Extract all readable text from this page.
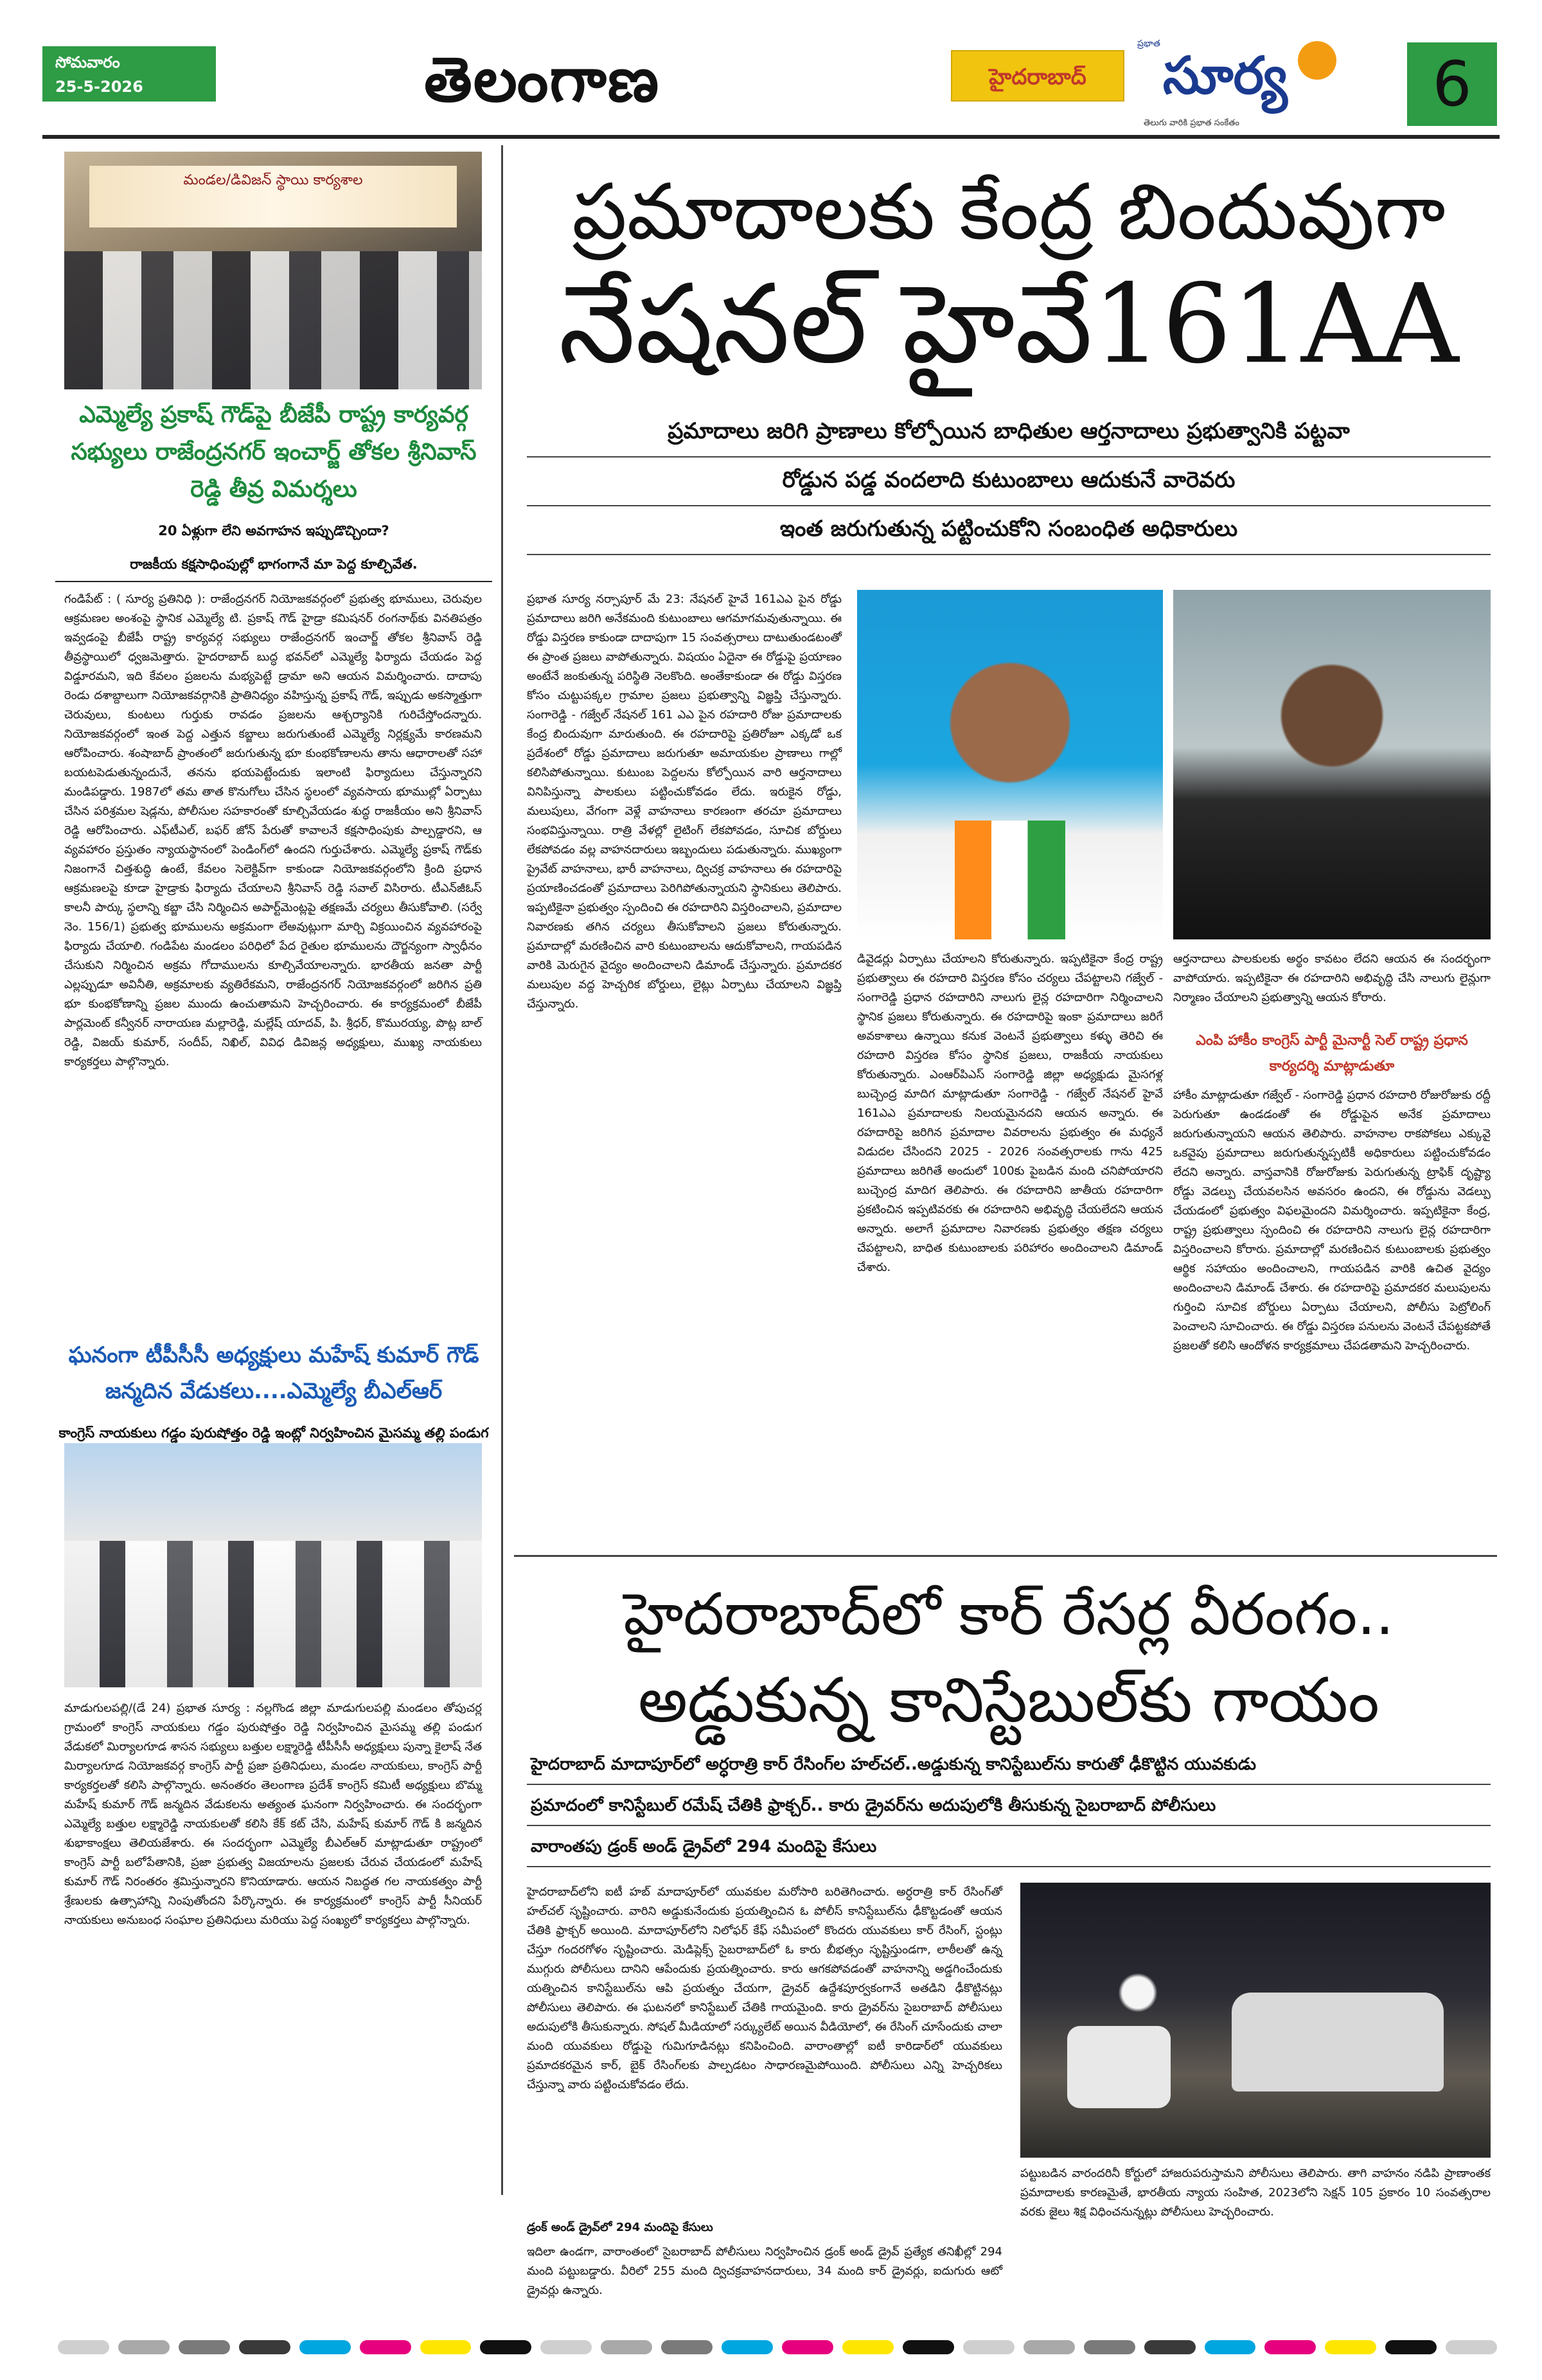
సోమవారం
25-5-2026	తెలంగాణ	హైదరాబాద్
ప్రభాత
సూర్య
తెలుగు వారికి ప్రభాత సంకేతం
6
మండల/డివిజన్ స్థాయి కార్యశాల
ఎమ్మెల్యే ప్రకాష్ గౌడ్‌పై బీజేపీ రాష్ట్ర కార్యవర్గ సభ్యులు రాజేంద్రనగర్ ఇంచార్జ్ తోకల శ్రీనివాస్ రెడ్డి తీవ్ర విమర్శలు
20 ఏళ్లుగా లేని అవగాహన ఇప్పుడొచ్చిందా?
రాజకీయ కక్షసాధింపుల్లో భాగంగానే మా పెద్ద కూల్చివేత.
గండిపేట్ : ( సూర్య ప్రతినిధి ): రాజేంద్రనగర్ నియోజకవర్గంలో ప్రభుత్వ భూములు, చెరువుల ఆక్రమణల అంశంపై స్థానిక ఎమ్మెల్యే టి. ప్రకాష్ గౌడ్ హైడ్రా కమిషనర్ రంగనాథ్‌కు వినతిపత్రం ఇవ్వడంపై బీజేపీ రాష్ట్ర కార్యవర్గ సభ్యులు రాజేంద్రనగర్ ఇంచార్జ్ తోకల శ్రీనివాస్ రెడ్డి తీవ్రస్థాయిలో ధ్వజమెత్తారు. హైదరాబాద్ బుద్ధ భవన్‌లో ఎమ్మెల్యే ఫిర్యాదు చేయడం పెద్ద విడ్డూరమని, ఇది కేవలం ప్రజలను మభ్యపెట్టే డ్రామా అని ఆయన విమర్శించారు. దాదాపు రెండు దశాబ్దాలుగా నియోజకవర్గానికి ప్రాతినిధ్యం వహిస్తున్న ప్రకాష్ గౌడ్, ఇప్పుడు అకస్మాత్తుగా చెరువులు, కుంటలు గుర్తుకు రావడం ప్రజలను ఆశ్చర్యానికి గురిచేస్తోందన్నారు. నియోజకవర్గంలో ఇంత పెద్ద ఎత్తున కబ్జాలు జరుగుతుంటే ఎమ్మెల్యే నిర్లక్ష్యమే కారణమని ఆరోపించారు. శంషాబాద్ ప్రాంతంలో జరుగుతున్న భూ కుంభకోణాలను తాను ఆధారాలతో సహా బయటపెడుతున్నందునే, తనను భయపెట్టేందుకు ఇలాంటి ఫిర్యాదులు చేస్తున్నారని మండిపడ్డారు. 1987లో తమ తాత కొనుగోలు చేసిన స్థలంలో వ్యవసాయ భూముల్లో ఏర్పాటు చేసిన పరిశ్రమల షెడ్లను, పోలీసుల సహకారంతో కూల్చివేయడం శుద్ధ రాజకీయం అని శ్రీనివాస్ రెడ్డి ఆరోపించారు. ఎఫ్‌టీఎల్, బఫర్ జోన్ పేరుతో కావాలనే కక్షసాధింపుకు పాల్పడ్డారని, ఆ వ్యవహారం ప్రస్తుతం న్యాయస్థానంలో పెండింగ్‌లో ఉందని గుర్తుచేశారు. ఎమ్మెల్యే ప్రకాష్ గౌడ్‌కు నిజంగానే చిత్తశుద్ధి ఉంటే, కేవలం సెలెక్టివ్‌గా కాకుండా నియోజకవర్గంలోని క్రింది ప్రధాన ఆక్రమణలపై కూడా హైడ్రాకు ఫిర్యాదు చేయాలని శ్రీనివాస్ రెడ్డి సవాల్ విసిరారు. టీఎన్‌జీఓస్ కాలనీ పార్కు స్థలాన్ని కబ్జా చేసి నిర్మించిన అపార్ట్‌మెంట్లపై తక్షణమే చర్యలు తీసుకోవాలి. (సర్వే నెం. 156/1) ప్రభుత్వ భూములను అక్రమంగా లేఅవుట్లుగా మార్చి విక్రయించిన వ్యవహారంపై ఫిర్యాదు చేయాలి. గండిపేట మండలం పరిధిలో పేద రైతుల భూములను దౌర్జన్యంగా స్వాధీనం చేసుకుని నిర్మించిన అక్రమ గోదాములను కూల్చివేయాలన్నారు. భారతీయ జనతా పార్టీ ఎల్లప్పుడూ అవినీతి, అక్రమాలకు వ్యతిరేకమని, రాజేంద్రనగర్ నియోజకవర్గంలో జరిగిన ప్రతి భూ కుంభకోణాన్ని ప్రజల ముందు ఉంచుతామని హెచ్చరించారు. ఈ కార్యక్రమంలో బీజేపీ పార్లమెంట్ కన్వీనర్ నారాయణ మల్లారెడ్డి, మల్లేష్ యాదవ్, పి. శ్రీధర్, కొమురయ్య, పొట్ల బాల్ రెడ్డి, విజయ్ కుమార్, సందీప్, నిఖిల్, వివిధ డివిజన్ల అధ్యక్షులు, ముఖ్య నాయకులు కార్యకర్తలు పాల్గొన్నారు.
ఘనంగా టీపీసీసీ అధ్యక్షులు మహేష్ కుమార్ గౌడ్ జన్మదిన వేడుకలు....ఎమ్మెల్యే బీఎల్ఆర్
కాంగ్రెస్ నాయకులు గడ్డం పురుషోత్తం రెడ్డి ఇంట్లో నిర్వహించిన మైసమ్మ తల్లి పండుగ
మాడుగులపల్లి/(డే 24) ప్రభాత సూర్య : నల్లగొండ జిల్లా మాడుగులపల్లి మండలం తోపుచర్ల గ్రామంలో కాంగ్రెస్ నాయకులు గడ్డం పురుషోత్తం రెడ్డి నిర్వహించిన మైసమ్మ తల్లి పండుగ వేడుకలో మిర్యాలగూడ శాసన సభ్యులు బత్తుల లక్ష్మారెడ్డి టీపీసీసీ అధ్యక్షులు పున్నా కైలాష్ నేత మిర్యాలగూడ నియోజకవర్గ కాంగ్రెస్ పార్టీ ప్రజా ప్రతినిధులు, మండల నాయకులు, కాంగ్రెస్ పార్టీ కార్యకర్తలతో కలిసి పాల్గొన్నారు. అనంతరం తెలంగాణ ప్రదేశ్ కాంగ్రెస్ కమిటీ అధ్యక్షులు బొమ్మ మహేష్ కుమార్ గౌడ్ జన్మదిన వేడుకలను అత్యంత ఘనంగా నిర్వహించారు. ఈ సందర్భంగా ఎమ్మెల్యే బత్తుల లక్ష్మారెడ్డి నాయకులతో కలిసి కేక్ కట్ చేసి, మహేష్ కుమార్ గౌడ్ కి జన్మదిన శుభాకాంక్షలు తెలియజేశారు. ఈ సందర్భంగా ఎమ్మెల్యే బీఎల్ఆర్ మాట్లాడుతూ రాష్ట్రంలో కాంగ్రెస్ పార్టీ బలోపేతానికి, ప్రజా ప్రభుత్వ విజయాలను ప్రజలకు చేరువ చేయడంలో మహేష్ కుమార్ గౌడ్ నిరంతరం శ్రమిస్తున్నారని కొనియాడారు. ఆయన నిబద్ధత గల నాయకత్వం పార్టీ శ్రేణులకు ఉత్సాహాన్ని నింపుతోందని పేర్కొన్నారు. ఈ కార్యక్రమంలో కాంగ్రెస్ పార్టీ సీనియర్ నాయకులు అనుబంధ సంఘాల ప్రతినిధులు మరియు పెద్ద సంఖ్యలో కార్యకర్తలు పాల్గొన్నారు.
ప్రమాదాలకు కేంద్ర బిందువుగా
నేషనల్ హైవే161AA
ప్రమాదాలు జరిగి ప్రాణాలు కోల్పోయిన బాధితుల ఆర్తనాదాలు ప్రభుత్వానికి పట్టవా
రోడ్డున పడ్డ వందలాది కుటుంబాలు ఆదుకునే వారెవరు
ఇంత జరుగుతున్న పట్టించుకోని సంబంధిత అధికారులు
ప్రభాత సూర్య నర్సాపూర్ మే 23: నేషనల్ హైవే 161ఎఎ పైన రోడ్డు ప్రమాదాలు జరిగి అనేకమంది కుటుంబాలు ఆగమాగమవుతున్నాయి. ఈ రోడ్డు విస్తరణ కాకుండా దాదాపుగా 15 సంవత్సరాలు దాటుతుండటంతో ఈ ప్రాంత ప్రజలు వాపోతున్నారు. విషయం ఏదైనా ఈ రోడ్డుపై ప్రయాణం అంటేనే జంకుతున్న పరిస్థితి నెలకొంది. అంతేకాకుండా ఈ రోడ్డు విస్తరణ కోసం చుట్టుపక్కల గ్రామాల ప్రజలు ప్రభుత్వాన్ని విజ్ఞప్తి చేస్తున్నారు. సంగారెడ్డి - గజ్వేల్ నేషనల్ 161 ఎఎ పైన రహదారి రోజు ప్రమాదాలకు కేంద్ర బిందువుగా మారుతుంది. ఈ రహదారిపై ప్రతిరోజూ ఎక్కడో ఒక ప్రదేశంలో రోడ్డు ప్రమాదాలు జరుగుతూ అమాయకుల ప్రాణాలు గాల్లో కలిసిపోతున్నాయి. కుటుంబ పెద్దలను కోల్పోయిన వారి ఆర్తనాదాలు వినిపిస్తున్నా పాలకులు పట్టించుకోవడం లేదు. ఇరుకైన రోడ్డు, మలుపులు, వేగంగా వెళ్లే వాహనాలు కారణంగా తరచూ ప్రమాదాలు సంభవిస్తున్నాయి. రాత్రి వేళల్లో లైటింగ్ లేకపోవడం, సూచిక బోర్డులు లేకపోవడం వల్ల వాహనదారులు ఇబ్బందులు పడుతున్నారు. ముఖ్యంగా ప్రైవేట్ వాహనాలు, భారీ వాహనాలు, ద్విచక్ర వాహనాలు ఈ రహదారిపై ప్రయాణించడంతో ప్రమాదాలు పెరిగిపోతున్నాయని స్థానికులు తెలిపారు. ఇప్పటికైనా ప్రభుత్వం స్పందించి ఈ రహదారిని విస్తరించాలని, ప్రమాదాల నివారణకు తగిన చర్యలు తీసుకోవాలని ప్రజలు కోరుతున్నారు. ప్రమాదాల్లో మరణించిన వారి కుటుంబాలను ఆదుకోవాలని, గాయపడిన వారికి మెరుగైన వైద్యం అందించాలని డిమాండ్ చేస్తున్నారు. ప్రమాదకర మలుపుల వద్ద హెచ్చరిక బోర్డులు, లైట్లు ఏర్పాటు చేయాలని విజ్ఞప్తి చేస్తున్నారు.
డివైడర్లు ఏర్పాటు చేయాలని కోరుతున్నారు. ఇప్పటికైనా కేంద్ర రాష్ట్ర ప్రభుత్వాలు ఈ రహదారి విస్తరణ కోసం చర్యలు చేపట్టాలని గజ్వేల్ - సంగారెడ్డి ప్రధాన రహదారిని నాలుగు లైన్ల రహదారిగా నిర్మించాలని స్థానిక ప్రజలు కోరుతున్నారు. ఈ రహదారిపై ఇంకా ప్రమాదాలు జరిగే అవకాశాలు ఉన్నాయి కనుక వెంటనే ప్రభుత్వాలు కళ్ళు తెరిచి ఈ రహదారి విస్తరణ కోసం స్థానిక ప్రజలు, రాజకీయ నాయకులు కోరుతున్నారు. ఎంఆర్‌పిఎస్ సంగారెడ్డి జిల్లా అధ్యక్షుడు మైసగళ్ల బుచ్చెంద్ర మాదిగ మాట్లాడుతూ సంగారెడ్డి - గజ్వేల్ నేషనల్ హైవే 161ఎఎ ప్రమాదాలకు నిలయమైనదని ఆయన అన్నారు. ఈ రహదారిపై జరిగిన ప్రమాదాల వివరాలను ప్రభుత్వం ఈ మధ్యనే విడుదల చేసిందని 2025 - 2026 సంవత్సరాలకు గాను 425 ప్రమాదాలు జరిగితే అందులో 100కు పైబడిన మంది చనిపోయారని బుచ్చెంద్ర మాదిగ తెలిపారు. ఈ రహదారిని జాతీయ రహదారిగా ప్రకటించిన ఇప్పటివరకు ఈ రహదారిని అభివృద్ధి చేయలేదని ఆయన అన్నారు. అలాగే ప్రమాదాల నివారణకు ప్రభుత్వం తక్షణ చర్యలు చేపట్టాలని, బాధిత కుటుంబాలకు పరిహారం అందించాలని డిమాండ్ చేశారు.
ఆర్తనాదాలు పాలకులకు అర్థం కావటం లేదని ఆయన ఈ సందర్భంగా వాపోయారు. ఇప్పటికైనా ఈ రహదారిని అభివృద్ధి చేసి నాలుగు లైన్లుగా నిర్మాణం చేయాలని ప్రభుత్వాన్ని ఆయన కోరారు.
ఎంపి హాకీం కాంగ్రెస్ పార్టీ మైనార్టీ సెల్ రాష్ట్ర ప్రధాన కార్యదర్శి మాట్లాడుతూ
హాకీం మాట్లాడుతూ గజ్వేల్ - సంగారెడ్డి ప్రధాన రహదారి రోజురోజుకు రద్దీ పెరుగుతూ ఉండడంతో ఈ రోడ్డుపైన అనేక ప్రమాదాలు జరుగుతున్నాయని ఆయన తెలిపారు. వాహనాల రాకపోకలు ఎక్కువై ఒకవైపు ప్రమాదాలు జరుగుతున్నప్పటికీ అధికారులు పట్టించుకోవడం లేదని అన్నారు. వాస్తవానికి రోజురోజుకు పెరుగుతున్న ట్రాఫిక్ దృష్ట్యా రోడ్డు వెడల్పు చేయవలసిన అవసరం ఉందని, ఈ రోడ్డును వెడల్పు చేయడంలో ప్రభుత్వం విఫలమైందని విమర్శించారు. ఇప్పటికైనా కేంద్ర, రాష్ట్ర ప్రభుత్వాలు స్పందించి ఈ రహదారిని నాలుగు లైన్ల రహదారిగా విస్తరించాలని కోరారు. ప్రమాదాల్లో మరణించిన కుటుంబాలకు ప్రభుత్వం ఆర్థిక సహాయం అందించాలని, గాయపడిన వారికి ఉచిత వైద్యం అందించాలని డిమాండ్ చేశారు. ఈ రహదారిపై ప్రమాదకర మలుపులను గుర్తించి సూచిక బోర్డులు ఏర్పాటు చేయాలని, పోలీసు పెట్రోలింగ్ పెంచాలని సూచించారు. ఈ రోడ్డు విస్తరణ పనులను వెంటనే చేపట్టకపోతే ప్రజలతో కలిసి ఆందోళన కార్యక్రమాలు చేపడతామని హెచ్చరించారు.
హైదరాబాద్‌లో కార్ రేసర్ల వీరంగం..
అడ్డుకున్న కానిస్టేబుల్‌కు గాయం
హైదరాబాద్ మాదాపూర్‌లో అర్ధరాత్రి కార్ రేసింగ్‌ల హల్‌చల్..అడ్డుకున్న కానిస్టేబుల్‌ను కారుతో ఢీకొట్టిన యువకుడు
ప్రమాదంలో కానిస్టేబుల్ రమేష్ చేతికి ఫ్రాక్చర్.. కారు డ్రైవర్‌ను అదుపులోకి తీసుకున్న సైబరాబాద్ పోలీసులు
వారాంతపు డ్రంక్ అండ్ డ్రైవ్‌లో 294 మందిపై కేసులు
హైదరాబాద్‌లోని ఐటీ హబ్ మాదాపూర్‌లో యువకుల మరోసారి బరితెగించారు. అర్ధరాత్రి కార్ రేసింగ్‌తో హల్‌చల్ సృష్టించారు. వారిని అడ్డుకునేందుకు ప్రయత్నించిన ఓ పోలీస్ కానిస్టేబుల్‌ను ఢీకొట్టడంతో ఆయన చేతికి ఫ్రాక్చర్ అయింది. మాదాపూర్‌లోని నిలోఫర్ కేఫ్ సమీపంలో కొందరు యువకులు కార్ రేసింగ్, స్టంట్లు చేస్తూ గందరగోళం సృష్టించారు. మెడిప్లెక్స్ సైబరాబాద్‌లో ఓ కారు బీభత్సం సృష్టిస్తుండగా, లాఠీలతో ఉన్న ముగ్గురు పోలీసులు దానిని ఆపేందుకు ప్రయత్నించారు. కారు ఆగకపోవడంతో వాహనాన్ని అడ్డగించేందుకు యత్నించిన కానిస్టేబుల్‌ను ఆపి ప్రయత్నం చేయగా, డ్రైవర్ ఉద్దేశపూర్వకంగానే అతడిని ఢీకొట్టినట్లు పోలీసులు తెలిపారు. ఈ ఘటనలో కానిస్టేబుల్ చేతికి గాయమైంది. కారు డ్రైవర్‌ను సైబరాబాద్ పోలీసులు అదుపులోకి తీసుకున్నారు. సోషల్ మీడియాలో సర్క్యులేట్ అయిన వీడియోలో, ఈ రేసింగ్ చూసేందుకు చాలా మంది యువకులు రోడ్డుపై గుమిగూడినట్లు కనిపించింది. వారాంతాల్లో ఐటీ కారిడార్‌లో యువకులు ప్రమాదకరమైన కార్, బైక్ రేసింగ్‌లకు పాల్పడటం సాధారణమైపోయింది. పోలీసులు ఎన్ని హెచ్చరికలు చేస్తున్నా వారు పట్టించుకోవడం లేదు.
పట్టుబడిన వారందరినీ కోర్టులో హాజరుపరుస్తామని పోలీసులు తెలిపారు. తాగి వాహనం నడిపి ప్రాణాంతక ప్రమాదాలకు కారణమైతే, భారతీయ న్యాయ సంహిత, 2023లోని సెక్షన్ 105 ప్రకారం 10 సంవత్సరాల వరకు జైలు శిక్ష విధించనున్నట్లు పోలీసులు హెచ్చరించారు.
డ్రంక్ అండ్ డ్రైవ్‌లో 294 మందిపై కేసులు
ఇదిలా ఉండగా, వారాంతంలో సైబరాబాద్ పోలీసులు నిర్వహించిన డ్రంక్ అండ్ డ్రైవ్ ప్రత్యేక తనిఖీల్లో 294 మంది పట్టుబడ్డారు. వీరిలో 255 మంది ద్విచక్రవాహనదారులు, 34 మంది కార్ డ్రైవర్లు, ఐదుగురు ఆటో డ్రైవర్లు ఉన్నారు.
